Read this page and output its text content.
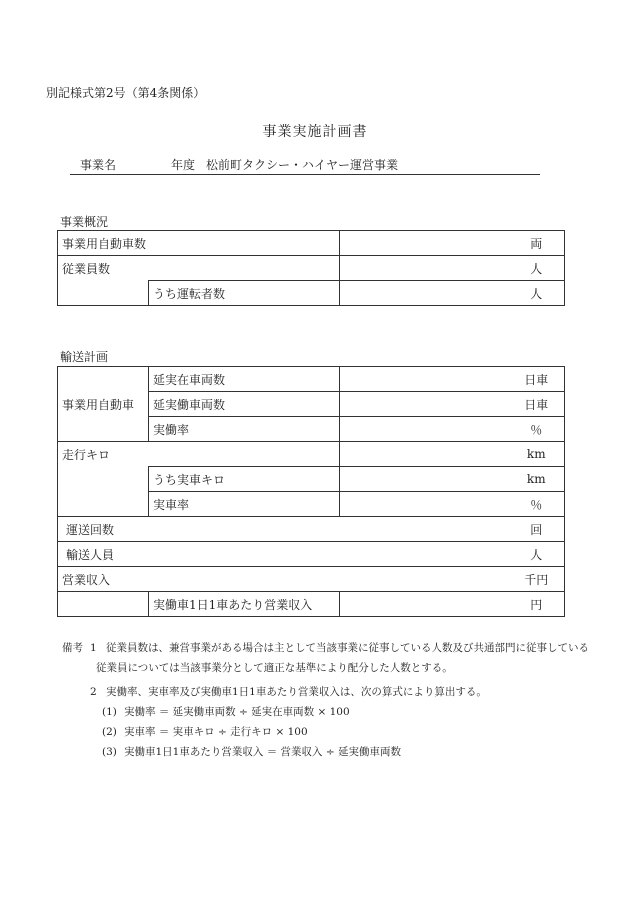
別記様式第2号（第4条関係）
事業実施計画書
事業名	年度 松前町タクシー・ハイヤー運営事業
事業概況
事業用自動車数			両
従業員数			人
	うち運転者数		人
輸送計画
事業用自動車	延実在車両数		日車
	延実働車両数		日車
	実働率		％
走行キロ			km
	うち実車キロ		km
	実車率		％
運送回数			回
輸送人員			人
営業収入			千円
	実働車1日1車あたり営業収入		円
備考 1 従業員数は、兼営事業がある場合は主として当該事業に従事している人数及び共通部門に従事している
従業員については当該事業分として適正な基準により配分した人数とする。
2 実働率、実車率及び実働車1日1車あたり営業収入は、次の算式により算出する。
(1) 実働率 ＝ 延実働車両数 ÷ 延実在車両数 × 100
(2) 実車率 ＝ 実車キロ ÷ 走行キロ × 100
(3) 実働車1日1車あたり営業収入 ＝ 営業収入 ÷ 延実働車両数
